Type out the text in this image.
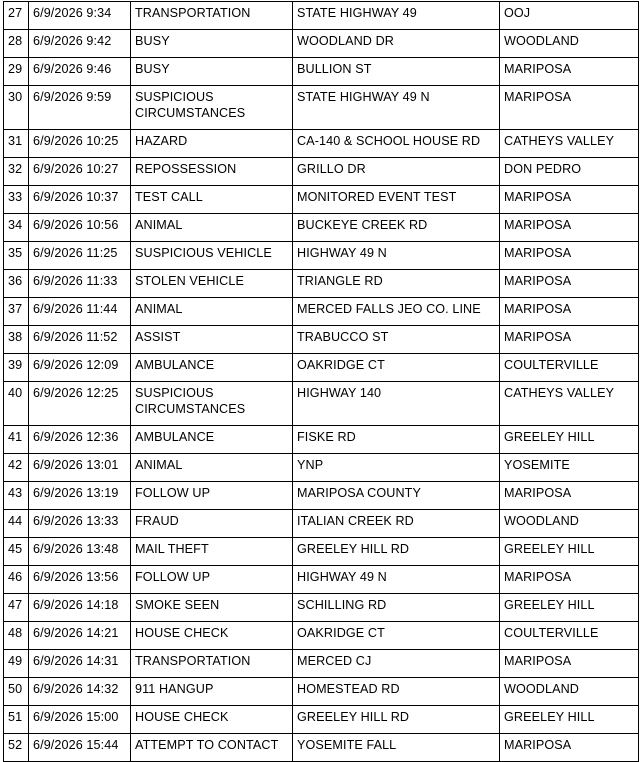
27	6/9/2026 9:34	TRANSPORTATION	STATE HIGHWAY 49	OOJ
28	6/9/2026 9:42	BUSY	WOODLAND DR	WOODLAND
29	6/9/2026 9:46	BUSY	BULLION ST	MARIPOSA
30	6/9/2026 9:59	SUSPICIOUS CIRCUMSTANCES	STATE HIGHWAY 49 N	MARIPOSA
31	6/9/2026 10:25	HAZARD	CA-140 & SCHOOL HOUSE RD	CATHEYS VALLEY
32	6/9/2026 10:27	REPOSSESSION	GRILLO DR	DON PEDRO
33	6/9/2026 10:37	TEST CALL	MONITORED EVENT TEST	MARIPOSA
34	6/9/2026 10:56	ANIMAL	BUCKEYE CREEK RD	MARIPOSA
35	6/9/2026 11:25	SUSPICIOUS VEHICLE	HIGHWAY 49 N	MARIPOSA
36	6/9/2026 11:33	STOLEN VEHICLE	TRIANGLE RD	MARIPOSA
37	6/9/2026 11:44	ANIMAL	MERCED FALLS JEO CO. LINE	MARIPOSA
38	6/9/2026 11:52	ASSIST	TRABUCCO ST	MARIPOSA
39	6/9/2026 12:09	AMBULANCE	OAKRIDGE CT	COULTERVILLE
40	6/9/2026 12:25	SUSPICIOUS CIRCUMSTANCES	HIGHWAY 140	CATHEYS VALLEY
41	6/9/2026 12:36	AMBULANCE	FISKE RD	GREELEY HILL
42	6/9/2026 13:01	ANIMAL	YNP	YOSEMITE
43	6/9/2026 13:19	FOLLOW UP	MARIPOSA COUNTY	MARIPOSA
44	6/9/2026 13:33	FRAUD	ITALIAN CREEK RD	WOODLAND
45	6/9/2026 13:48	MAIL THEFT	GREELEY HILL RD	GREELEY HILL
46	6/9/2026 13:56	FOLLOW UP	HIGHWAY 49 N	MARIPOSA
47	6/9/2026 14:18	SMOKE SEEN	SCHILLING RD	GREELEY HILL
48	6/9/2026 14:21	HOUSE CHECK	OAKRIDGE CT	COULTERVILLE
49	6/9/2026 14:31	TRANSPORTATION	MERCED CJ	MARIPOSA
50	6/9/2026 14:32	911 HANGUP	HOMESTEAD RD	WOODLAND
51	6/9/2026 15:00	HOUSE CHECK	GREELEY HILL RD	GREELEY HILL
52	6/9/2026 15:44	ATTEMPT TO CONTACT	YOSEMITE FALL	MARIPOSA
